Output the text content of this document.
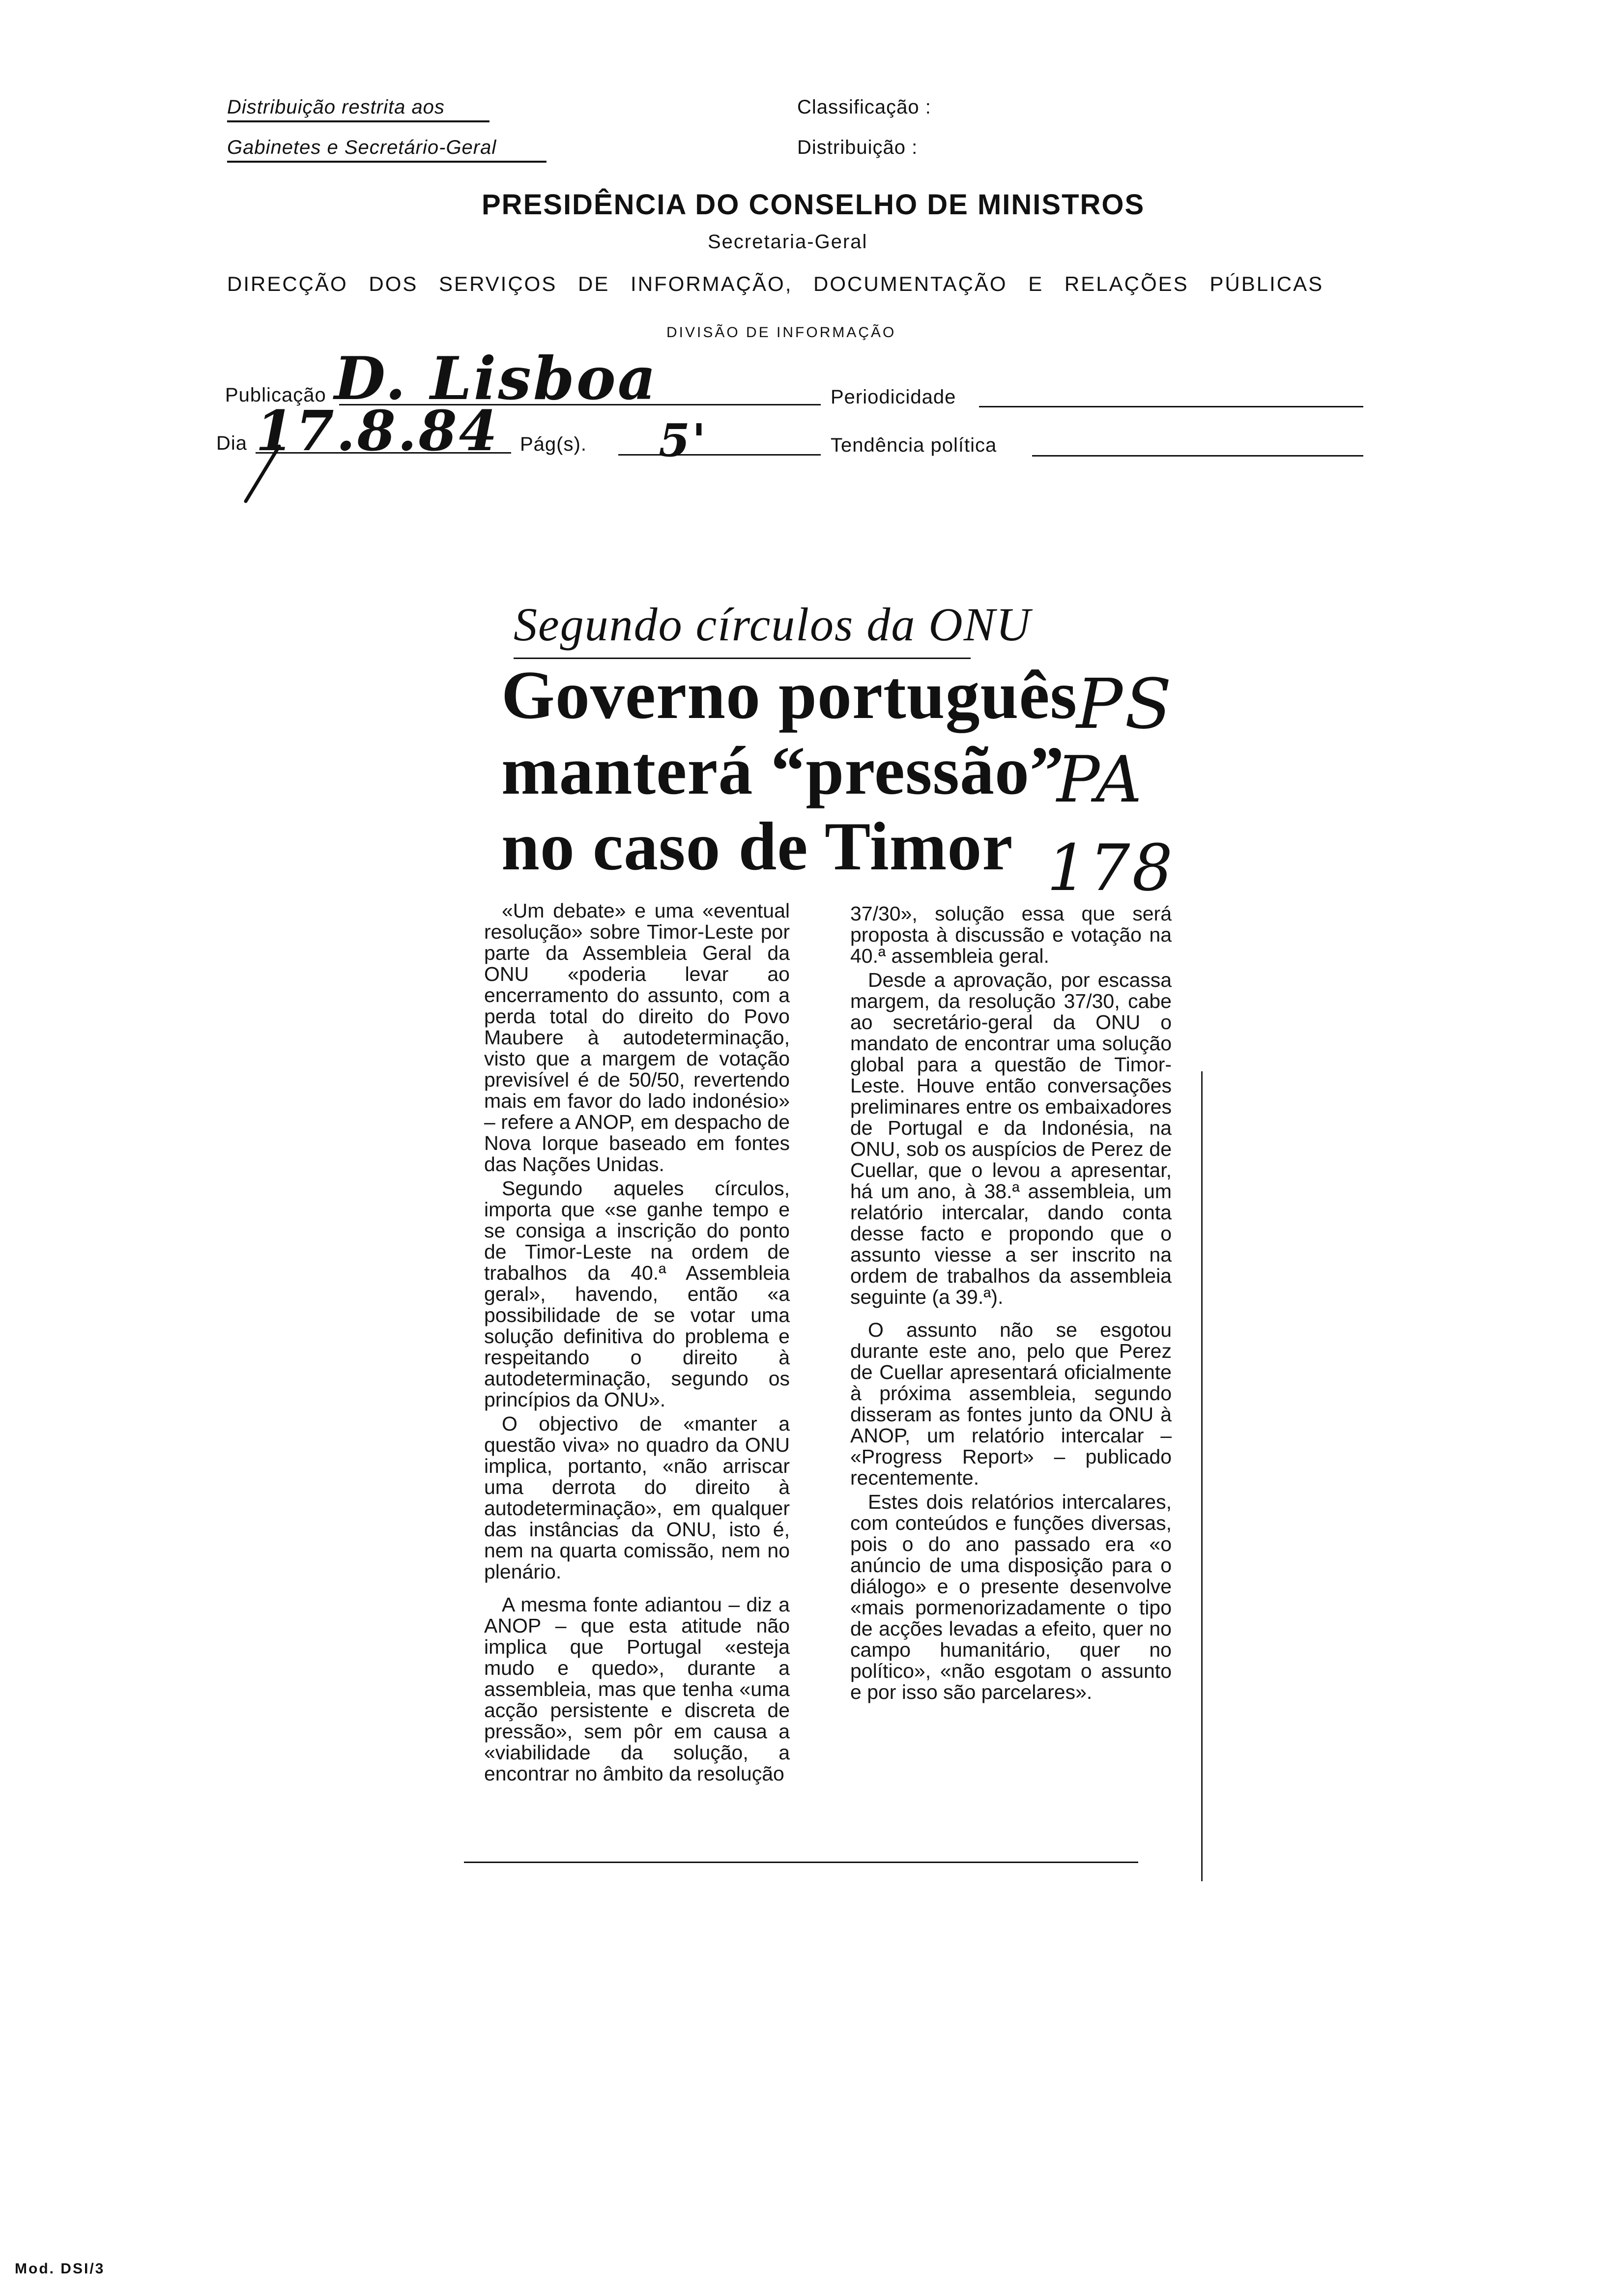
Distribuição restrita aos
Gabinetes e Secretário-Geral
Classificação :
Distribuição :
PRESIDÊNCIA DO CONSELHO DE MINISTROS
Secretaria-Geral
DIRECÇÃO DOS SERVIÇOS DE INFORMAÇÃO, DOCUMENTAÇÃO E RELAÇÕES PÚBLICAS
DIVISÃO DE INFORMAÇÃO
Publicação D. Lisboa	Periodicidade
Dia 17.8.84 Pág(s). 5'	Tendência política
Segundo círculos da ONU
Governo português
manterá “pressão”
no caso de Timor
PS
PA
178

«Um debate» e uma «eventual resolução» sobre Timor-Leste por parte da Assembleia Geral da ONU «poderia levar ao encerramento do assunto, com a perda total do direito do Povo Maubere à autodeterminação, visto que a margem de votação previsível é de 50/50, revertendo mais em favor do lado indonésio» – refere a ANOP, em despacho de Nova Iorque baseado em fontes das Nações Unidas.

Segundo aqueles círculos, importa que «se ganhe tempo e se consiga a inscrição do ponto de Timor-Leste na ordem de trabalhos da 40.ª Assembleia geral», havendo, então «a possibilidade de se votar uma solução definitiva do problema e respeitando o direito à autodeterminação, segundo os princípios da ONU».

O objectivo de «manter a questão viva» no quadro da ONU implica, portanto, «não arriscar uma derrota do direito à autodeterminação», em qualquer das instâncias da ONU, isto é, nem na quarta comissão, nem no plenário.

A mesma fonte adiantou – diz a ANOP – que esta atitude não implica que Portugal «esteja mudo e quedo», durante a assembleia, mas que tenha «uma acção persistente e discreta de pressão», sem pôr em causa a «viabilidade da solução, a encontrar no âmbito da resolução

37/30», solução essa que será proposta à discussão e votação na 40.ª assembleia geral.

Desde a aprovação, por escassa margem, da resolução 37/30, cabe ao secretário-geral da ONU o mandato de encontrar uma solução global para a questão de Timor-Leste. Houve então conversações preliminares entre os embaixadores de Portugal e da Indonésia, na ONU, sob os auspícios de Perez de Cuellar, que o levou a apresentar, há um ano, à 38.ª assembleia, um relatório intercalar, dando conta desse facto e propondo que o assunto viesse a ser inscrito na ordem de trabalhos da assembleia seguinte (a 39.ª).

O assunto não se esgotou durante este ano, pelo que Perez de Cuellar apresentará oficialmente à próxima assembleia, segundo disseram as fontes junto da ONU à ANOP, um relatório intercalar – «Progress Report» – publicado recentemente.

Estes dois relatórios intercalares, com conteúdos e funções diversas, pois o do ano passado era «o anúncio de uma disposição para o diálogo» e o presente desenvolve «mais pormenorizadamente o tipo de acções levadas a efeito, quer no campo humanitário, quer no político», «não esgotam o assunto e por isso são parcelares».

Mod. DSI/3
